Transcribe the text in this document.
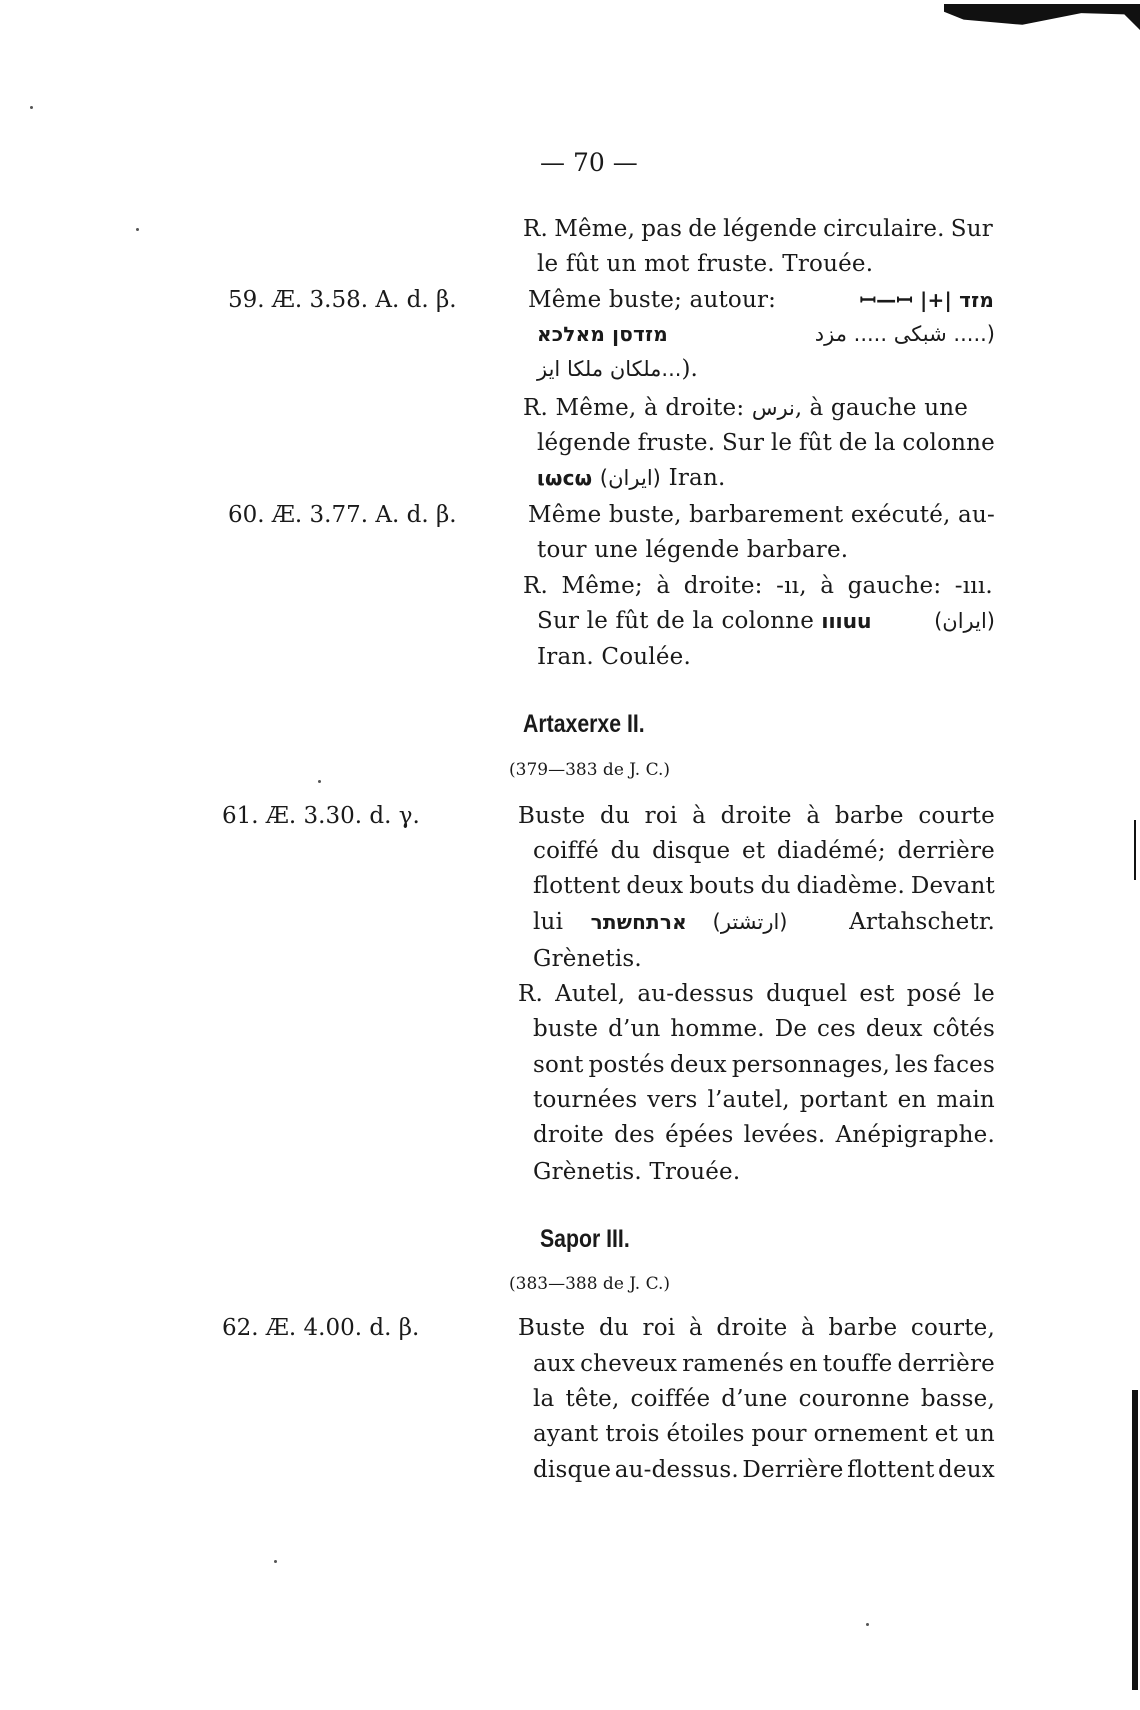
— 70 —
R. Même, pas de légende circulaire. Sur
le fût un mot fruste. Trouée.
59. Æ. 3.58. A. d. β.	Même buste; autour:	ꟷ—ꟷ |+| מזד
מזדסן מאלכא	(..... شبكى ..... مزد
...ملكان ملكا ايز).
R. Même, à droite: نرس, à gauche une
légende fruste. Sur le fût de la colonne
ιωcω (ايران) Iran.
60. Æ. 3.77. A. d. β.	Même buste, barbarement exécuté, au-
tour une légende barbare.
R. Même; à droite: -ıı, à gauche: -ııı.
Sur le fût de la colonne ıııuu	(ايران)
Iran. Coulée.
Artaxerxe II.
(379—383 de J. C.)
61. Æ. 3.30. d. γ.	Buste du roi à droite à barbe courte
coiffé du disque et diadémé; derrière
flottent deux bouts du diadème. Devant
lui ארתחשתר (ارتشتر)	Artahschetr.
Grènetis.
R. Autel, au-dessus duquel est posé le
buste d’un homme. De ces deux côtés
sont postés deux personnages, les faces
tournées vers l’autel, portant en main
droite des épées levées. Anépigraphe.
Grènetis. Trouée.
Sapor III.
(383—388 de J. C.)
62. Æ. 4.00. d. β.	Buste du roi à droite à barbe courte,
aux cheveux ramenés en touffe derrière
la tête, coiffée d’une couronne basse,
ayant trois étoiles pour ornement et un
disque au-dessus. Derrière flottent deux
